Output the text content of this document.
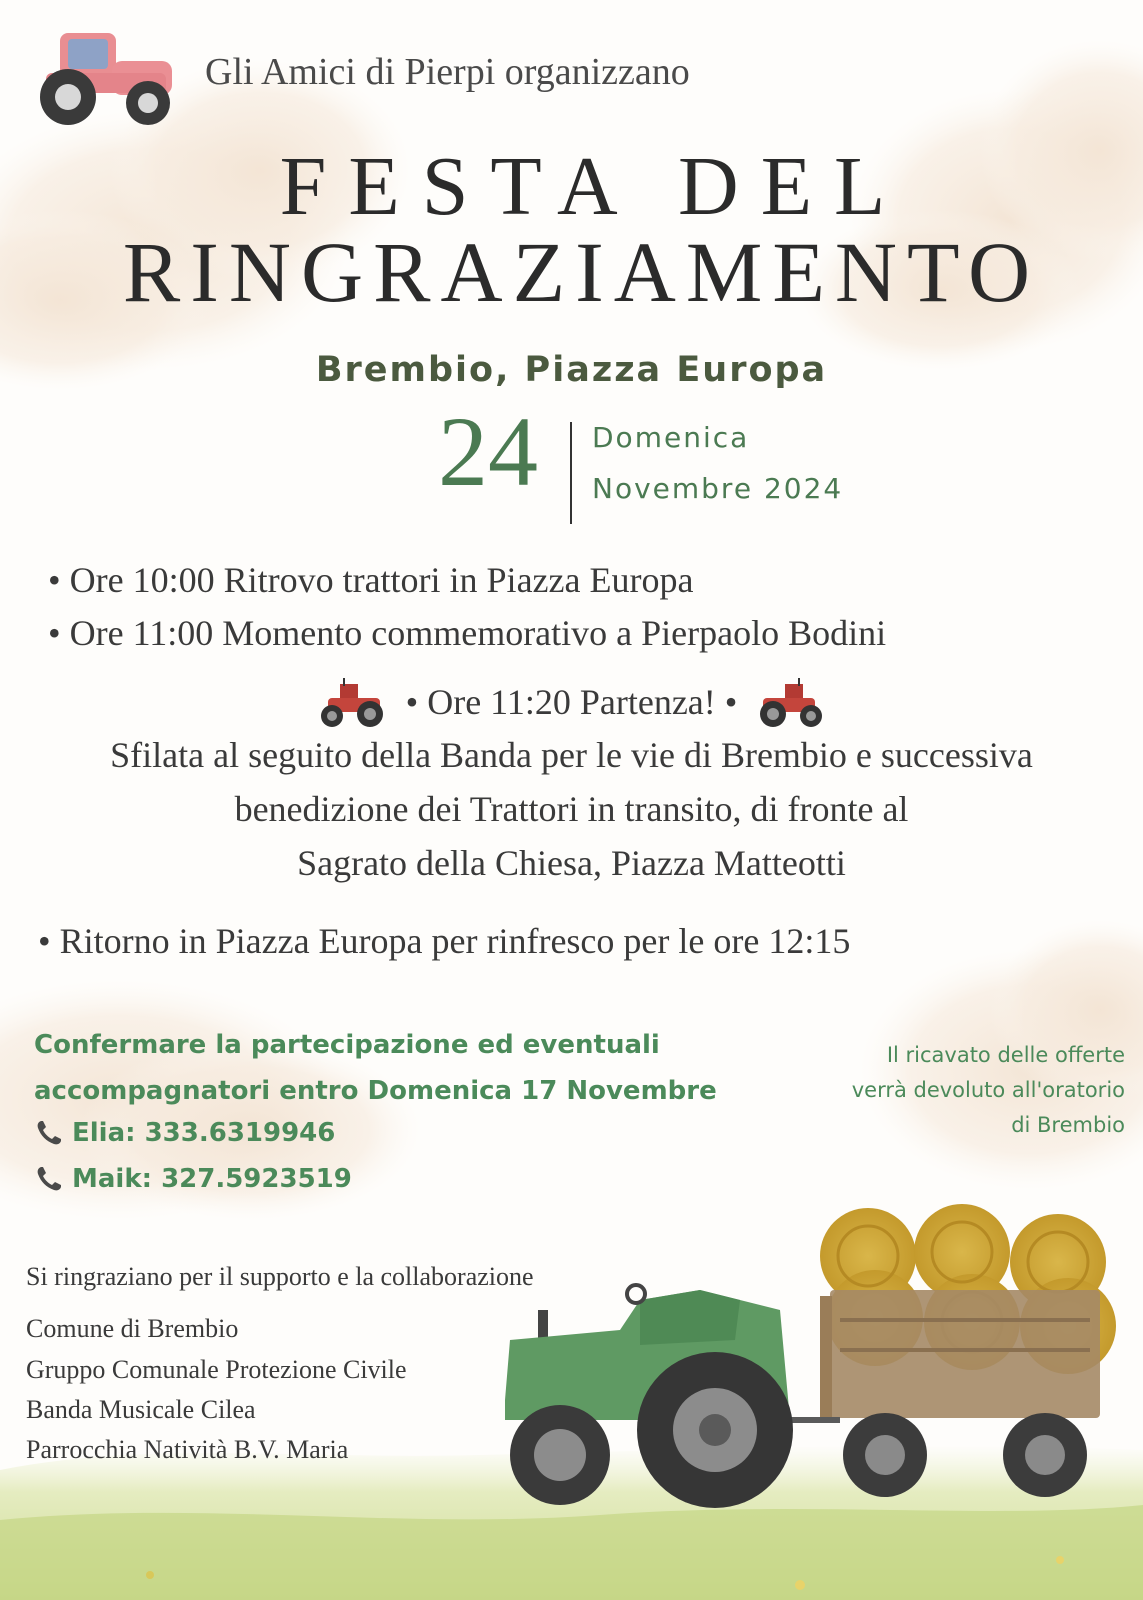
Gli Amici di Pierpi organizzano
FESTA DEL
RINGRAZIAMENTO
Brembio, Piazza Europa
24 Domenica
Novembre 2024
• Ore 10:00 Ritrovo trattori in Piazza Europa
• Ore 11:00 Momento commemorativo a Pierpaolo Bodini
• Ore 11:20 Partenza! •
Sfilata al seguito della Banda per le vie di Brembio e successiva
benedizione dei Trattori in transito, di fronte al
Sagrato della Chiesa, Piazza Matteotti
• Ritorno in Piazza Europa per rinfresco per le ore 12:15
Confermare la partecipazione ed eventuali
accompagnatori entro Domenica 17 Novembre
Elia: 333.6319946
Maik: 327.5923519
Il ricavato delle offerte
verrà devoluto all'oratorio
di Brembio
Si ringraziano per il supporto e la collaborazione
Comune di Brembio
Gruppo Comunale Protezione Civile
Banda Musicale Cilea
Parrocchia Natività B.V. Maria
